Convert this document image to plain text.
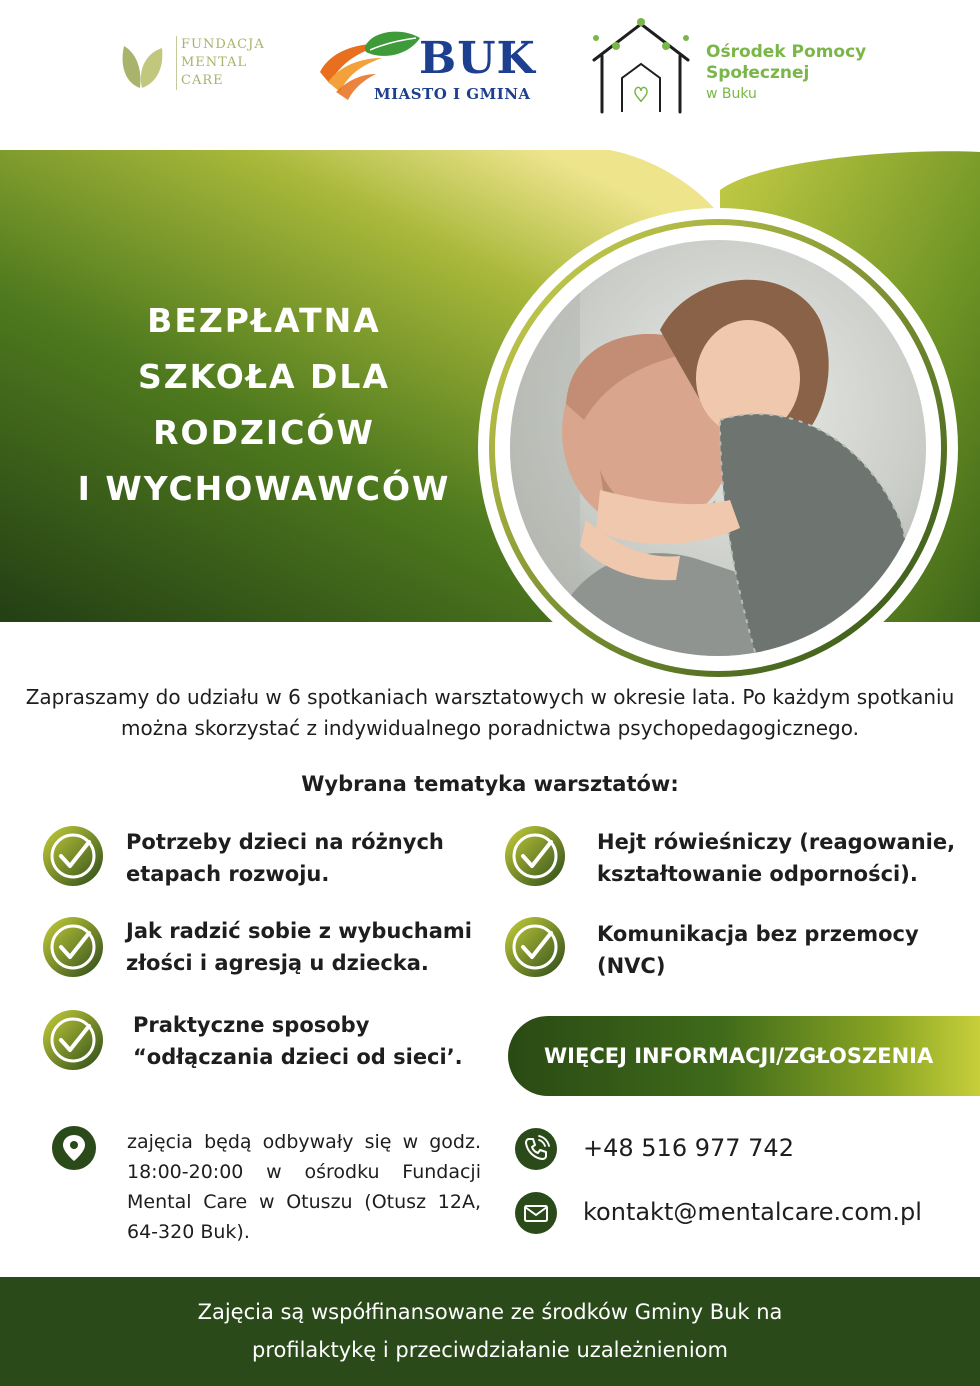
FUNDACJA
MENTAL
CARE	BUK
MIASTO I GMINA
Ośrodek Pomocy
Społecznej
w Buku
BEZPŁATNA
SZKOŁA DLA RODZICÓW
I WYCHOWAWCÓW
Zapraszamy do udziału w 6 spotkaniach warsztatowych w okresie lata. Po każdym spotkaniu można skorzystać z indywidualnego poradnictwa psychopedagogicznego.
Wybrana tematyka warsztatów:
Potrzeby dzieci na różnych
etapach rozwoju.
Hejt rówieśniczy (reagowanie,
kształtowanie odporności).
Jak radzić sobie z wybuchami
złości i agresją u dziecka.
Komunikacja bez przemocy
(NVC)
Praktyczne sposoby
“odłączania dzieci od sieci’.	WIĘCEJ INFORMACJI/ZGŁOSZENIA
zajęcia będą odbywały się w godz. 18:00-20:00 w ośrodku Fundacji Mental Care w Otuszu (Otusz 12A, 64-320 Buk).
+48 516 977 742
kontakt@mentalcare.com.pl
Zajęcia są współfinansowane ze środków Gminy Buk na
profilaktykę i przeciwdziałanie uzależnieniom
